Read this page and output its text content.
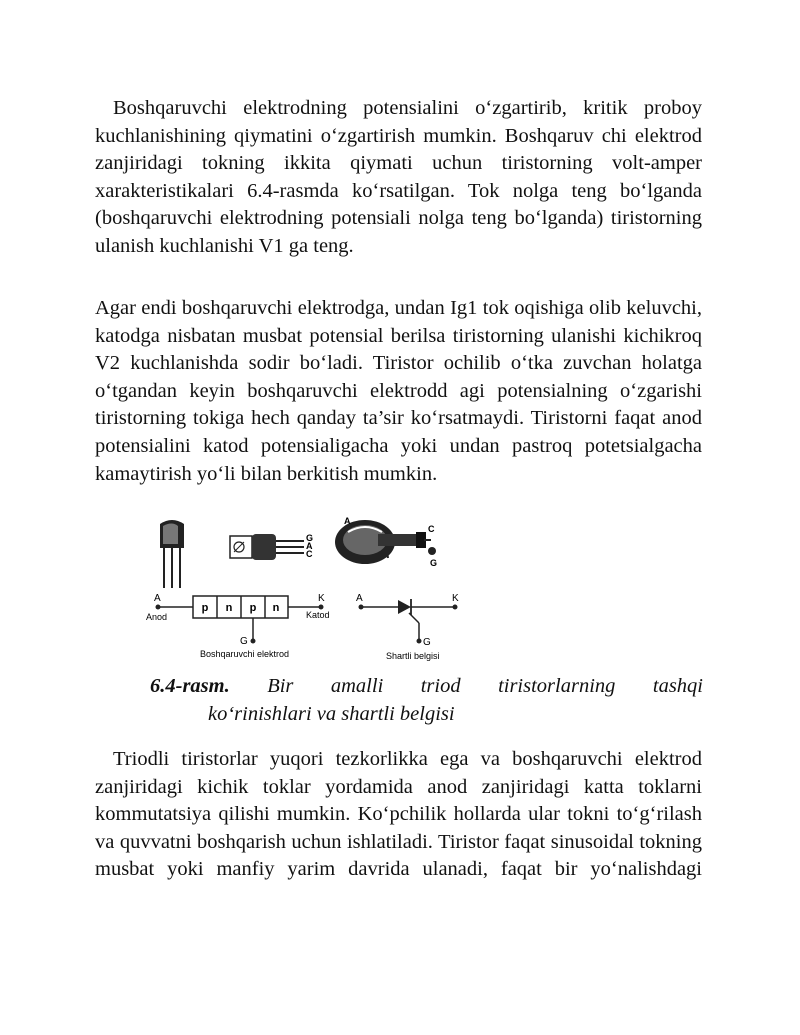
Boshqaruvchi elektrodning potensialini o‘zgartirib, kritik proboy kuchlanishining qiymatini o‘zgartirish mumkin. Boshqaruv chi elektrod zanjiridagi tokning ikkita qiymati uchun tiristorning volt-amper xarakteristikalari 6.4-rasmda ko‘rsatilgan. Tok nolga teng bo‘lganda (boshqaruvchi elektrodning potensiali nolga teng bo‘lganda) tiristorning ulanish kuchlanishi V1 ga teng.

Agar endi boshqaruvchi elektrodga, undan Ig1 tok oqishiga olib keluvchi, katodga nisbatan musbat potensial berilsa tiristorning ulanishi kichikroq V2 kuchlanishda sodir bo‘ladi. Tiristor ochilib o‘tka zuvchan holatga o‘tgandan keyin boshqaruvchi elektrodd agi potensialning o‘zgarishi tiristorning tokiga hech qanday ta’sir ko‘rsatmaydi. Tiristorni faqat anod potensialini katod potensialigacha yoki undan pastroq potetsialgacha kamaytirish yo‘li bilan berkitish mumkin.

G
A
C
A
C
G
A
Anod
p n p n
K
Katod
G
Boshqaruvchi elektrod
A	K
G
Shartli belgisi
6.4-rasm. Bir amalli triod tiristorlarning tashqi
ko‘rinishlari va shartli belgisi

Triodli tiristorlar yuqori tezkorlikka ega va boshqaruvchi elektrod zanjiridagi kichik toklar yordamida anod zanjiridagi katta toklarni kommutatsiya qilishi mumkin. Ko‘pchilik hollarda ular tokni to‘g‘rilash va quvvatni boshqarish uchun ishlatiladi. Tiristor faqat sinusoidal tokning musbat yoki manfiy yarim davrida ulanadi, faqat bir yo‘nalishdagi
